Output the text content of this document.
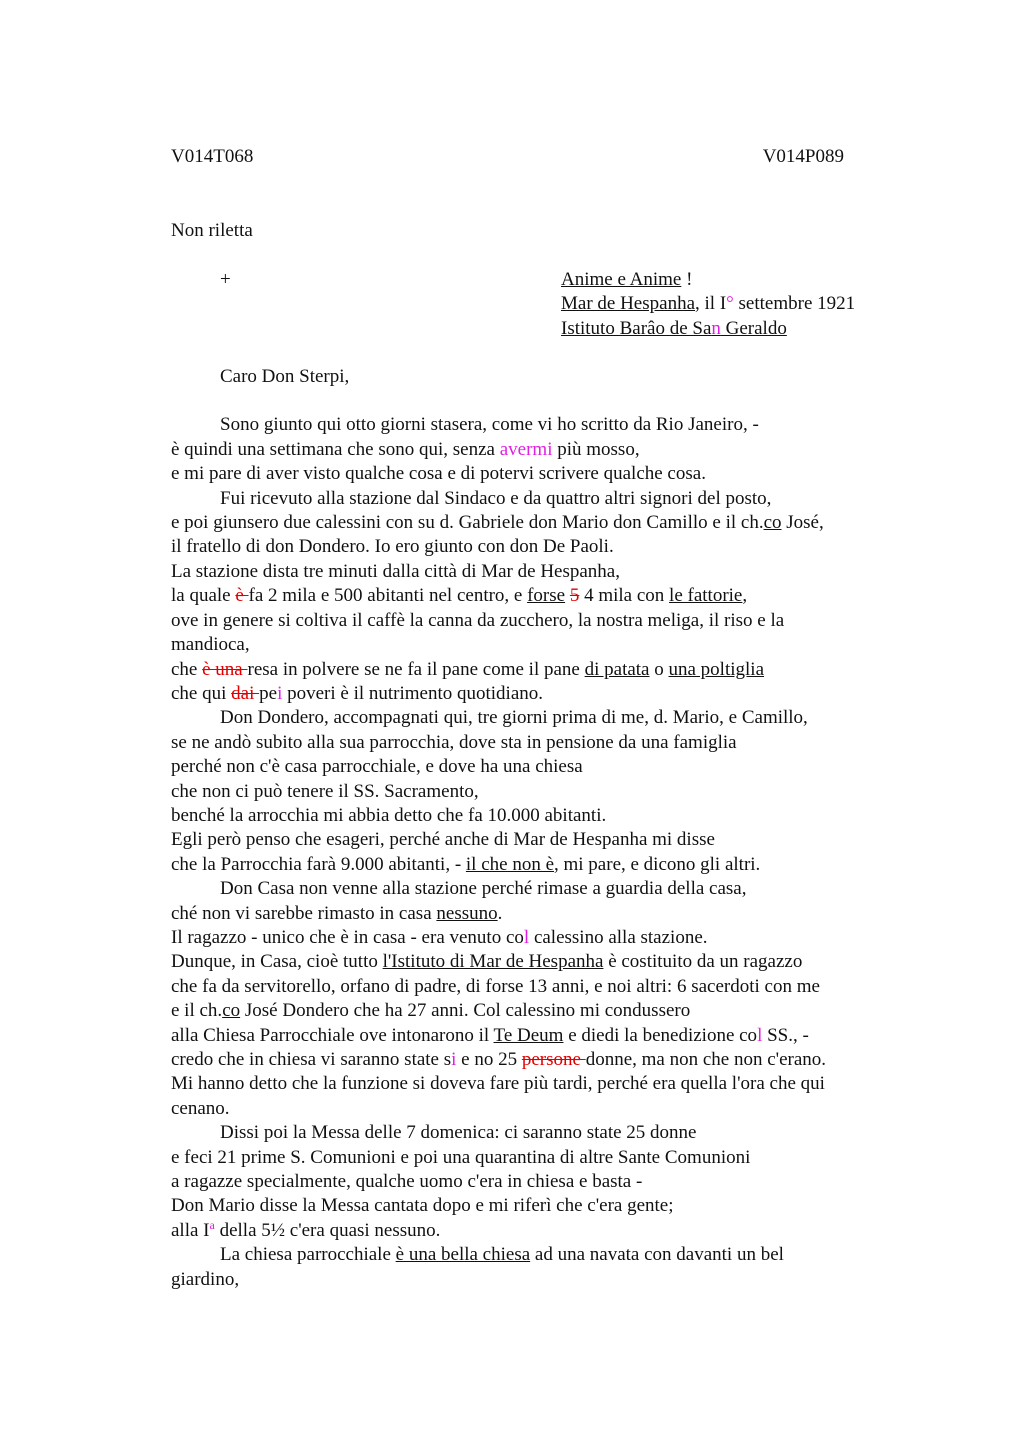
V014T068	V014P089
Non riletta
+	Anime e Anime !
Mar de Hespanha, il I° settembre 1921
Istituto Barâo de San Geraldo
Caro Don Sterpi,
Sono giunto qui otto giorni stasera, come vi ho scritto da Rio Janeiro, -
è quindi una settimana che sono qui, senza avermi più mosso,
e mi pare di aver visto qualche cosa e di potervi scrivere qualche cosa.
Fui ricevuto alla stazione dal Sindaco e da quattro altri signori del posto,
e poi giunsero due calessini con su d. Gabriele don Mario don Camillo e il ch.co José,
il fratello di don Dondero. Io ero giunto con don De Paoli.
La stazione dista tre minuti dalla città di Mar de Hespanha,
la quale è fa 2 mila e 500 abitanti nel centro, e forse 5 4 mila con le fattorie,
ove in genere si coltiva il caffè la canna da zucchero, la nostra meliga, il riso e la
mandioca,
che è una resa in polvere se ne fa il pane come il pane di patata o una poltiglia
che qui dai pei poveri è il nutrimento quotidiano.
Don Dondero, accompagnati qui, tre giorni prima di me, d. Mario, e Camillo,
se ne andò subito alla sua parrocchia, dove sta in pensione da una famiglia
perché non c'è casa parrocchiale, e dove ha una chiesa
che non ci può tenere il SS. Sacramento,
benché la arrocchia mi abbia detto che fa 10.000 abitanti.
Egli però penso che esageri, perché anche di Mar de Hespanha mi disse
che la Parrocchia farà 9.000 abitanti, - il che non è, mi pare, e dicono gli altri.
Don Casa non venne alla stazione perché rimase a guardia della casa,
ché non vi sarebbe rimasto in casa nessuno.
Il ragazzo - unico che è in casa - era venuto col calessino alla stazione.
Dunque, in Casa, cioè tutto l'Istituto di Mar de Hespanha è costituito da un ragazzo
che fa da servitorello, orfano di padre, di forse 13 anni, e noi altri: 6 sacerdoti con me
e il ch.co José Dondero che ha 27 anni. Col calessino mi condussero
alla Chiesa Parrocchiale ove intonarono il Te Deum e diedi la benedizione col SS., -
credo che in chiesa vi saranno state si e no 25 persone donne, ma non che non c'erano.
Mi hanno detto che la funzione si doveva fare più tardi, perché era quella l'ora che qui
cenano.
Dissi poi la Messa delle 7 domenica: ci saranno state 25 donne
e feci 21 prime S. Comunioni e poi una quarantina di altre Sante Comunioni
a ragazze specialmente, qualche uomo c'era in chiesa e basta -
Don Mario disse la Messa cantata dopo e mi riferì che c'era gente;
alla $I^a$ della 5½ c'era quasi nessuno.
La chiesa parrocchiale è una bella chiesa ad una navata con davanti un bel
giardino,
